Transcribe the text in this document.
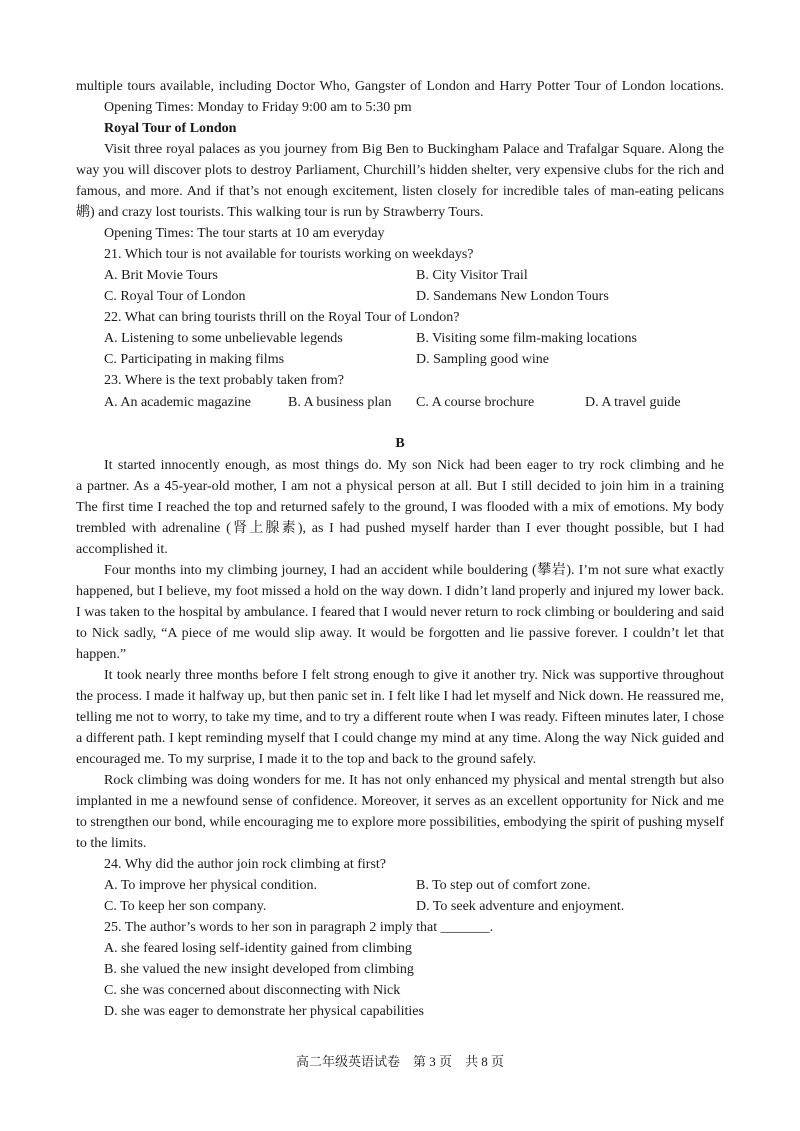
multiple tours available, including Doctor Who, Gangster of London and Harry Potter Tour of London locations.
Opening Times: Monday to Friday 9:00 am to 5:30 pm
Royal Tour of London
Visit three royal palaces as you journey from Big Ben to Buckingham Palace and Trafalgar Square. Along the
way you will discover plots to destroy Parliament, Churchill’s hidden shelter, very expensive clubs for the rich and
famous, and more. And if that’s not enough excitement, listen closely for incredible tales of man-eating pelicans
鹕) and crazy lost tourists. This walking tour is run by Strawberry Tours.
Opening Times: The tour starts at 10 am everyday
21. Which tour is not available for tourists working on weekdays?
A. Brit Movie Tours	B. City Visitor Trail
C. Royal Tour of London	D. Sandemans New London Tours
22. What can bring tourists thrill on the Royal Tour of London?
A. Listening to some unbelievable legends	B. Visiting some film-making locations
C. Participating in making films	D. Sampling good wine
23. Where is the text probably taken from?
A. An academic magazine	B. A business plan C. A course brochure	D. A travel guide
B
It started innocently enough, as most things do. My son Nick had been eager to try rock climbing and he
a partner. As a 45-year-old mother, I am not a physical person at all. But I still decided to join him in a training
The first time I reached the top and returned safely to the ground, I was flooded with a mix of emotions. My body
trembled with adrenaline (肾上腺素), as I had pushed myself harder than I ever thought possible, but I had
accomplished it.
Four months into my climbing journey, I had an accident while bouldering (攀岩). I’m not sure what exactly
happened, but I believe, my foot missed a hold on the way down. I didn’t land properly and injured my lower back.
I was taken to the hospital by ambulance. I feared that I would never return to rock climbing or bouldering and said
to Nick sadly, “A piece of me would slip away. It would be forgotten and lie passive forever. I couldn’t let that
happen.”
It took nearly three months before I felt strong enough to give it another try. Nick was supportive throughout
the process. I made it halfway up, but then panic set in. I felt like I had let myself and Nick down. He reassured me,
telling me not to worry, to take my time, and to try a different route when I was ready. Fifteen minutes later, I chose
a different path. I kept reminding myself that I could change my mind at any time. Along the way Nick guided and
encouraged me. To my surprise, I made it to the top and back to the ground safely.
Rock climbing was doing wonders for me. It has not only enhanced my physical and mental strength but also
implanted in me a newfound sense of confidence. Moreover, it serves as an excellent opportunity for Nick and me
to strengthen our bond, while encouraging me to explore more possibilities, embodying the spirit of pushing myself
to the limits.
24. Why did the author join rock climbing at first?
A. To improve her physical condition.	B. To step out of comfort zone.
C. To keep her son company.	D. To seek adventure and enjoyment.
25. The author’s words to her son in paragraph 2 imply that _______.
A. she feared losing self-identity gained from climbing
B. she valued the new insight developed from climbing
C. she was concerned about disconnecting with Nick
D. she was eager to demonstrate her physical capabilities
高二年级英语试卷　第 3 页　共 8 页
